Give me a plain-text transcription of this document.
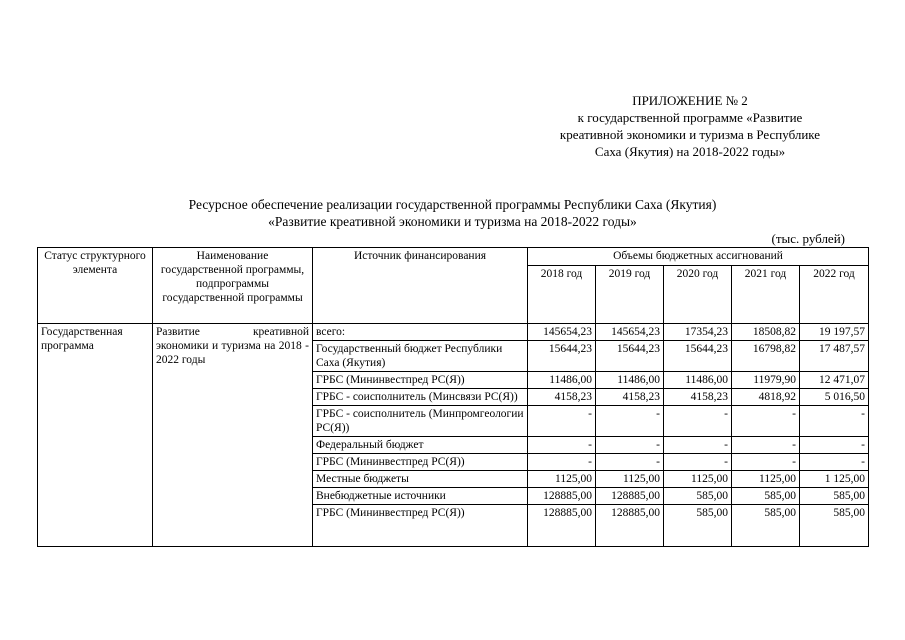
ПРИЛОЖЕНИЕ № 2
к государственной программе «Развитие
креативной экономики и туризма в Республике
Саха (Якутия) на 2018-2022 годы»
Ресурсное обеспечение реализации государственной программы Республики Саха (Якутия)
«Развитие креативной экономики и туризма на 2018-2022 годы»
(тыс. рублей)
Статус структурного элемента	Наименование государственной программы, подпрограммы государственной программы	Источник финансирования	Объемы бюджетных ассигнований				
			2018 год	2019 год	2020 год	2021 год	2022 год
Государственная программа	Развитие креативной экономики и туризма на 2018 - 2022 годы	всего:	145654,23	145654,23	17354,23	18508,82	19 197,57
		Государственный бюджет Республики Саха (Якутия)	15644,23	15644,23	15644,23	16798,82	17 487,57
		ГРБС (Мининвестпред РС(Я))	11486,00	11486,00	11486,00	11979,90	12 471,07
		ГРБС - соисполнитель (Минсвязи РС(Я))	4158,23	4158,23	4158,23	4818,92	5 016,50
		ГРБС - соисполнитель (Минпромгеологии РС(Я))	-	-	-	-	-
		Федеральный бюджет	-	-	-	-	-
		ГРБС (Мининвестпред РС(Я))	-	-	-	-	-
		Местные бюджеты	1125,00	1125,00	1125,00	1125,00	1 125,00
		Внебюджетные источники	128885,00	128885,00	585,00	585,00	585,00
		ГРБС (Мининвестпред РС(Я))	128885,00	128885,00	585,00	585,00	585,00
